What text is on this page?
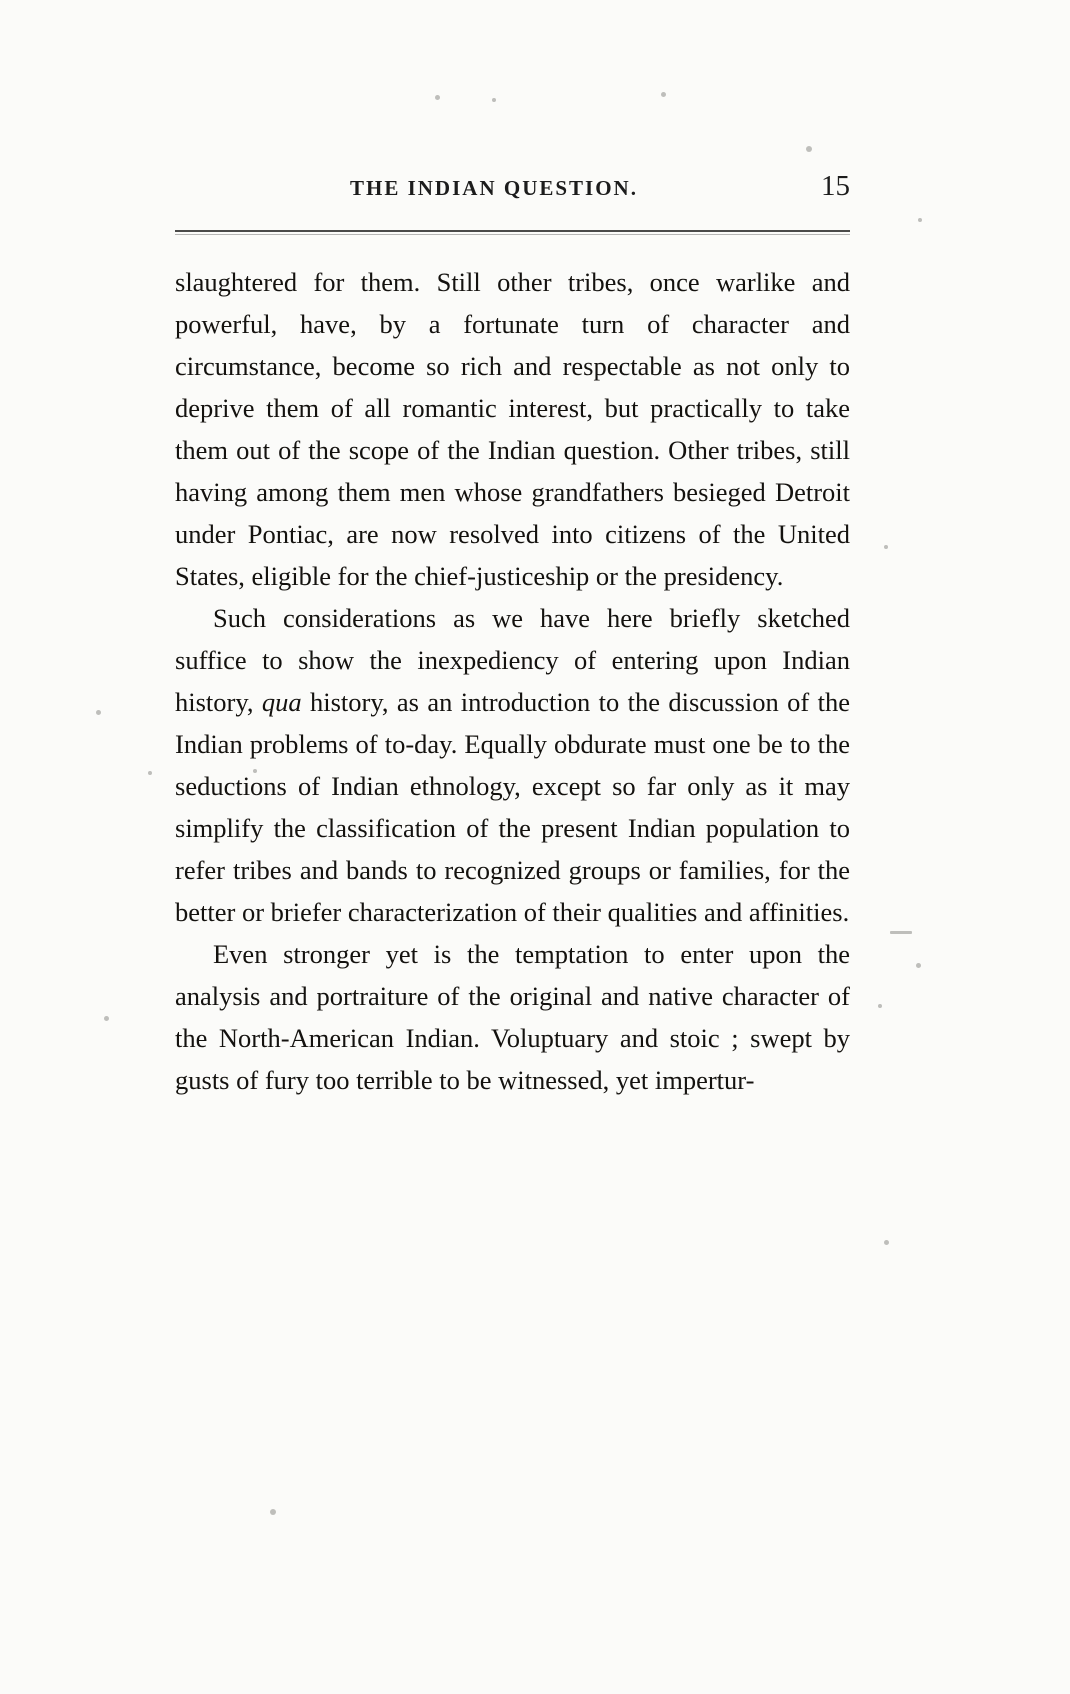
THE INDIAN QUESTION.	15

slaughtered for them. Still other tribes, once warlike and powerful, have, by a fortunate turn of character and circumstance, become so rich and respectable as not only to deprive them of all romantic interest, but practically to take them out of the scope of the Indian question. Other tribes, still having among them men whose grandfathers besieged Detroit under Pontiac, are now resolved into citizens of the United States, eligible for the chief-justiceship or the presidency.

Such considerations as we have here briefly sketched suffice to show the inexpediency of entering upon Indian history, qua history, as an introduction to the discussion of the Indian problems of to-day. Equally obdurate must one be to the seductions of Indian ethnology, except so far only as it may simplify the classification of the present Indian population to refer tribes and bands to recognized groups or families, for the better or briefer characterization of their qualities and affinities.

Even stronger yet is the temptation to enter upon the analysis and portraiture of the original and native character of the North-American Indian. Voluptuary and stoic ; swept by gusts of fury too terrible to be witnessed, yet impertur-
